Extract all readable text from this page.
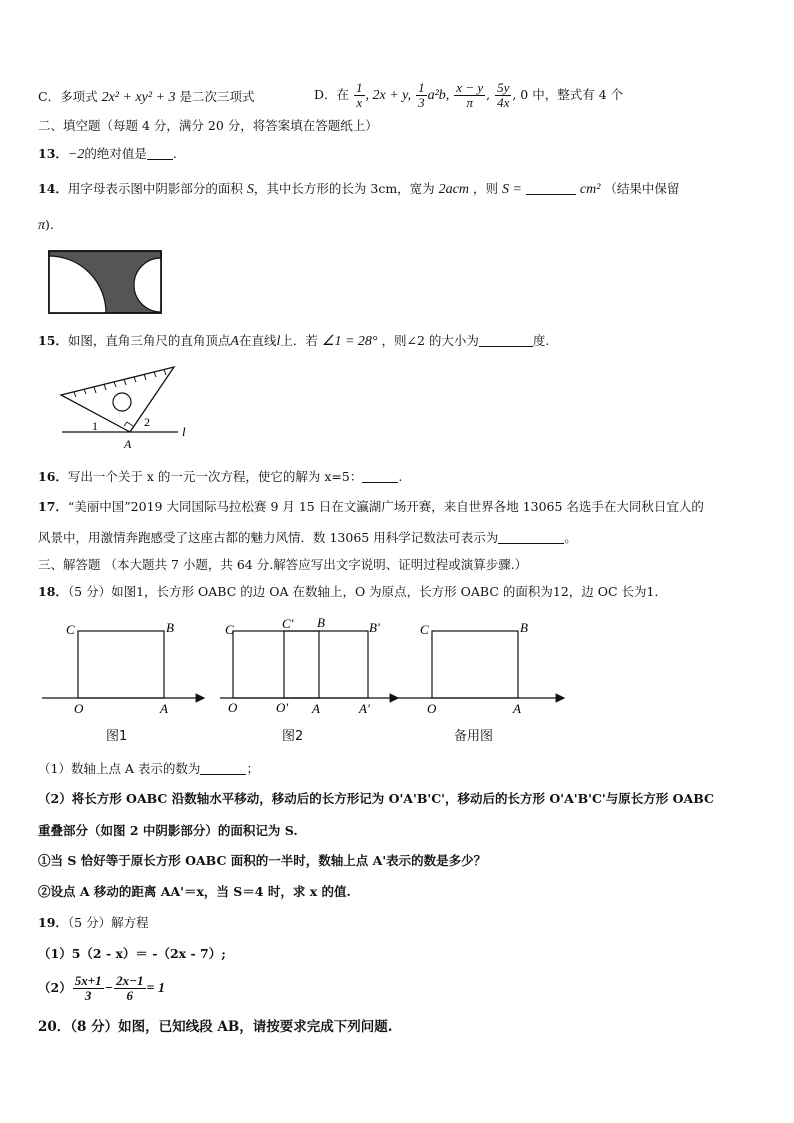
C．多项式 2x² + xy² + 3 是二次三项式	D．在 $\frac{1}{x}$ , 2x + y, $\frac{1}{3} a^2b$, $\frac{x - y}{\pi}$ , $\frac{5y}{4x}$ , 0 中，整式有 4 个
二、填空题（每题 4 分，满分 20 分，将答案填在答题纸上）
13．−2的绝对值是 .
14．用字母表示图中阴影部分的面积 S，其中长方形的长为 3cm，宽为 2acm ，则 S =	cm² （结果中保留
π).
15．如图，直角三角尺的直角顶点A在直线l上．若 ∠1 = 28° ，则∠2 的大小为	度.
1	2
A
l
16．写出一个关于 x 的一元一次方程，使它的解为 x=5：	.
17．“美丽中国”2019 大同国际马拉松赛 9 月 15 日在文瀛湖广场开赛，来自世界各地 13065 名选手在大同秋日宜人的
风景中，用激情奔跑感受了这座古都的魅力风情．数 13065 用科学记数法可表示为	。
三、解答题 （本大题共 7 小题，共 64 分.解答应写出文字说明、证明过程或演算步骤.）
18．（5 分）如图1，长方形 OABC 的边 OA 在数轴上，O 为原点，长方形 OABC 的面积为12，边 OC 长为1．
C	B
O	A
C	C' B	B'
O	O' A	A'
C	B
O	A
图1	图2	备用图
（1）数轴上点 A 表示的数为	；
（2）将长方形 OABC 沿数轴水平移动，移动后的长方形记为 O'A'B'C'，移动后的长方形 O'A'B'C'与原长方形 OABC
重叠部分（如图 2 中阴影部分）的面积记为 S.
①当 S 恰好等于原长方形 OABC 面积的一半时，数轴上点 A'表示的数是多少？
②设点 A 移动的距离 AA'＝x，当 S＝4 时，求 x 的值.
19．（5 分）解方程
（1）5（2 - x）＝ -（2x - 7）;
$(2) \frac{5x+1}{3} - \frac{2x-1}{6} = 1$
20．（8 分）如图，已知线段 AB，请按要求完成下列问题.
